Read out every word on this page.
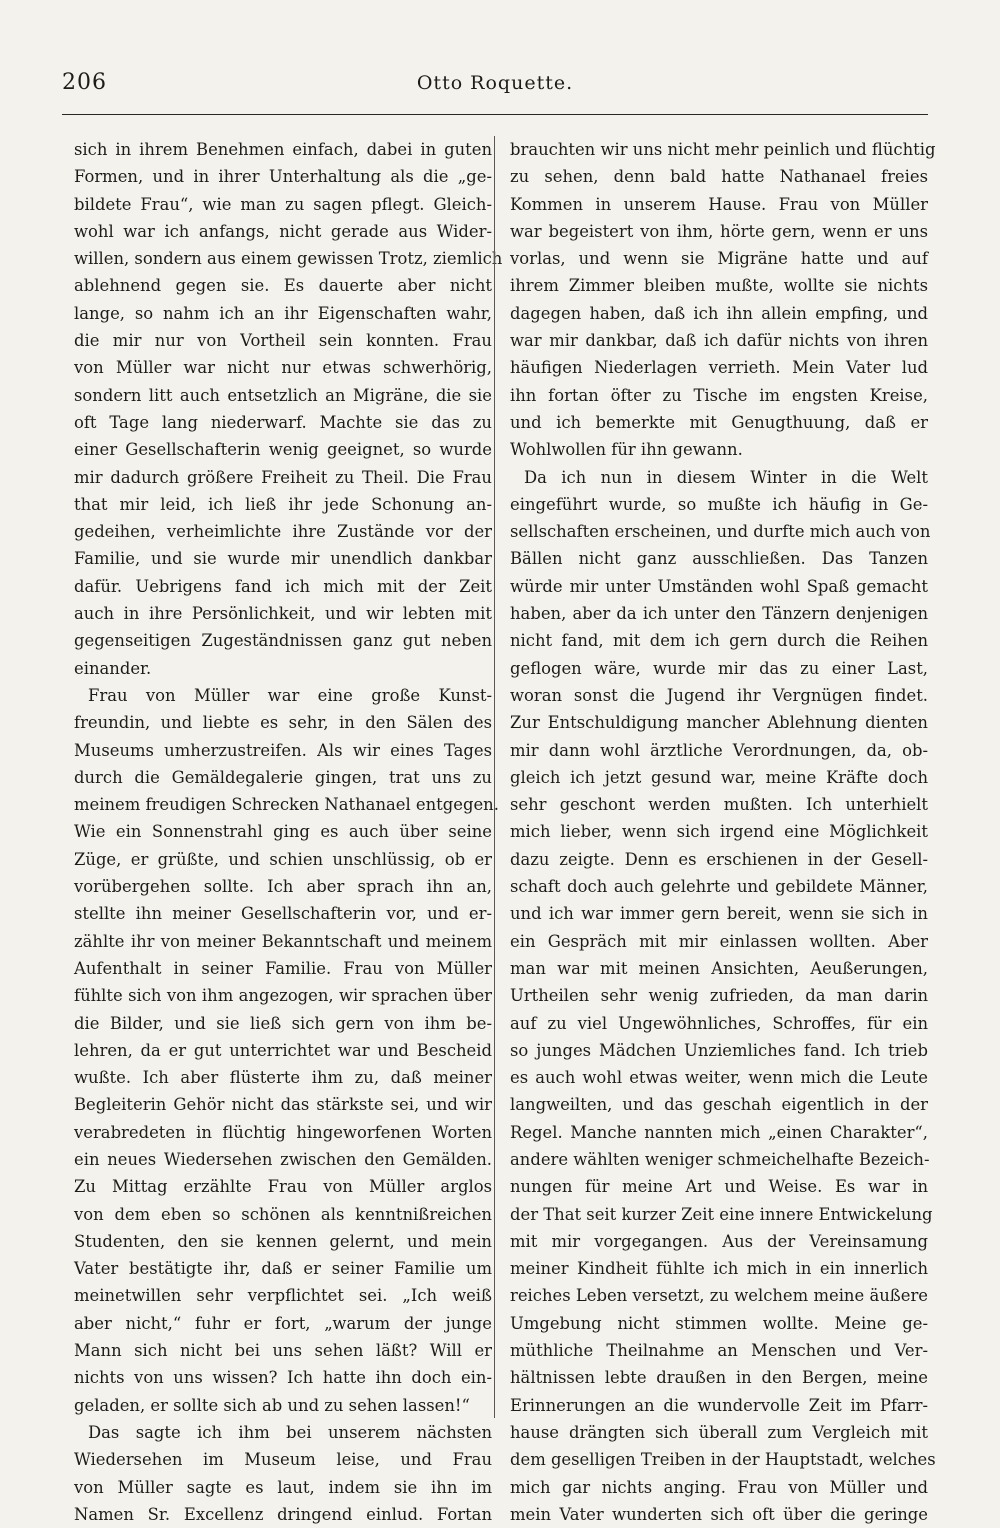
206	Otto Roquette.
sich in ihrem Benehmen einfach, dabei in guten
Formen, und in ihrer Unterhaltung als die „ge-
bildete Frau“, wie man zu sagen pflegt. Gleich-
wohl war ich anfangs, nicht gerade aus Wider-
willen, sondern aus einem gewissen Trotz, ziemlich
ablehnend gegen sie. Es dauerte aber nicht
lange, so nahm ich an ihr Eigenschaften wahr,
die mir nur von Vortheil sein konnten. Frau
von Müller war nicht nur etwas schwerhörig,
sondern litt auch entsetzlich an Migräne, die sie
oft Tage lang niederwarf. Machte sie das zu
einer Gesellschafterin wenig geeignet, so wurde
mir dadurch größere Freiheit zu Theil. Die Frau
that mir leid, ich ließ ihr jede Schonung an-
gedeihen, verheimlichte ihre Zustände vor der
Familie, und sie wurde mir unendlich dankbar
dafür. Uebrigens fand ich mich mit der Zeit
auch in ihre Persönlichkeit, und wir lebten mit
gegenseitigen Zugeständnissen ganz gut neben
einander.
Frau von Müller war eine große Kunst-
freundin, und liebte es sehr, in den Sälen des
Museums umherzustreifen. Als wir eines Tages
durch die Gemäldegalerie gingen, trat uns zu
meinem freudigen Schrecken Nathanael entgegen.
Wie ein Sonnenstrahl ging es auch über seine
Züge, er grüßte, und schien unschlüssig, ob er
vorübergehen sollte. Ich aber sprach ihn an,
stellte ihn meiner Gesellschafterin vor, und er-
zählte ihr von meiner Bekanntschaft und meinem
Aufenthalt in seiner Familie. Frau von Müller
fühlte sich von ihm angezogen, wir sprachen über
die Bilder, und sie ließ sich gern von ihm be-
lehren, da er gut unterrichtet war und Bescheid
wußte. Ich aber flüsterte ihm zu, daß meiner
Begleiterin Gehör nicht das stärkste sei, und wir
verabredeten in flüchtig hingeworfenen Worten
ein neues Wiedersehen zwischen den Gemälden.
Zu Mittag erzählte Frau von Müller arglos
von dem eben so schönen als kenntnißreichen
Studenten, den sie kennen gelernt, und mein
Vater bestätigte ihr, daß er seiner Familie um
meinetwillen sehr verpflichtet sei. „Ich weiß
aber nicht,“ fuhr er fort, „warum der junge
Mann sich nicht bei uns sehen läßt? Will er
nichts von uns wissen? Ich hatte ihn doch ein-
geladen, er sollte sich ab und zu sehen lassen!“
Das sagte ich ihm bei unserem nächsten
Wiedersehen im Museum leise, und Frau
von Müller sagte es laut, indem sie ihn im
Namen Sr. Excellenz dringend einlud. Fortan
brauchten wir uns nicht mehr peinlich und flüchtig
zu sehen, denn bald hatte Nathanael freies
Kommen in unserem Hause. Frau von Müller
war begeistert von ihm, hörte gern, wenn er uns
vorlas, und wenn sie Migräne hatte und auf
ihrem Zimmer bleiben mußte, wollte sie nichts
dagegen haben, daß ich ihn allein empfing, und
war mir dankbar, daß ich dafür nichts von ihren
häufigen Niederlagen verrieth. Mein Vater lud
ihn fortan öfter zu Tische im engsten Kreise,
und ich bemerkte mit Genugthuung, daß er
Wohlwollen für ihn gewann.
Da ich nun in diesem Winter in die Welt
eingeführt wurde, so mußte ich häufig in Ge-
sellschaften erscheinen, und durfte mich auch von
Bällen nicht ganz ausschließen. Das Tanzen
würde mir unter Umständen wohl Spaß gemacht
haben, aber da ich unter den Tänzern denjenigen
nicht fand, mit dem ich gern durch die Reihen
geflogen wäre, wurde mir das zu einer Last,
woran sonst die Jugend ihr Vergnügen findet.
Zur Entschuldigung mancher Ablehnung dienten
mir dann wohl ärztliche Verordnungen, da, ob-
gleich ich jetzt gesund war, meine Kräfte doch
sehr geschont werden mußten. Ich unterhielt
mich lieber, wenn sich irgend eine Möglichkeit
dazu zeigte. Denn es erschienen in der Gesell-
schaft doch auch gelehrte und gebildete Männer,
und ich war immer gern bereit, wenn sie sich in
ein Gespräch mit mir einlassen wollten. Aber
man war mit meinen Ansichten, Aeußerungen,
Urtheilen sehr wenig zufrieden, da man darin
auf zu viel Ungewöhnliches, Schroffes, für ein
so junges Mädchen Unziemliches fand. Ich trieb
es auch wohl etwas weiter, wenn mich die Leute
langweilten, und das geschah eigentlich in der
Regel. Manche nannten mich „einen Charakter“,
andere wählten weniger schmeichelhafte Bezeich-
nungen für meine Art und Weise. Es war in
der That seit kurzer Zeit eine innere Entwickelung
mit mir vorgegangen. Aus der Vereinsamung
meiner Kindheit fühlte ich mich in ein innerlich
reiches Leben versetzt, zu welchem meine äußere
Umgebung nicht stimmen wollte. Meine ge-
müthliche Theilnahme an Menschen und Ver-
hältnissen lebte draußen in den Bergen, meine
Erinnerungen an die wundervolle Zeit im Pfarr-
hause drängten sich überall zum Vergleich mit
dem geselligen Treiben in der Hauptstadt, welches
mich gar nichts anging. Frau von Müller und
mein Vater wunderten sich oft über die geringe
